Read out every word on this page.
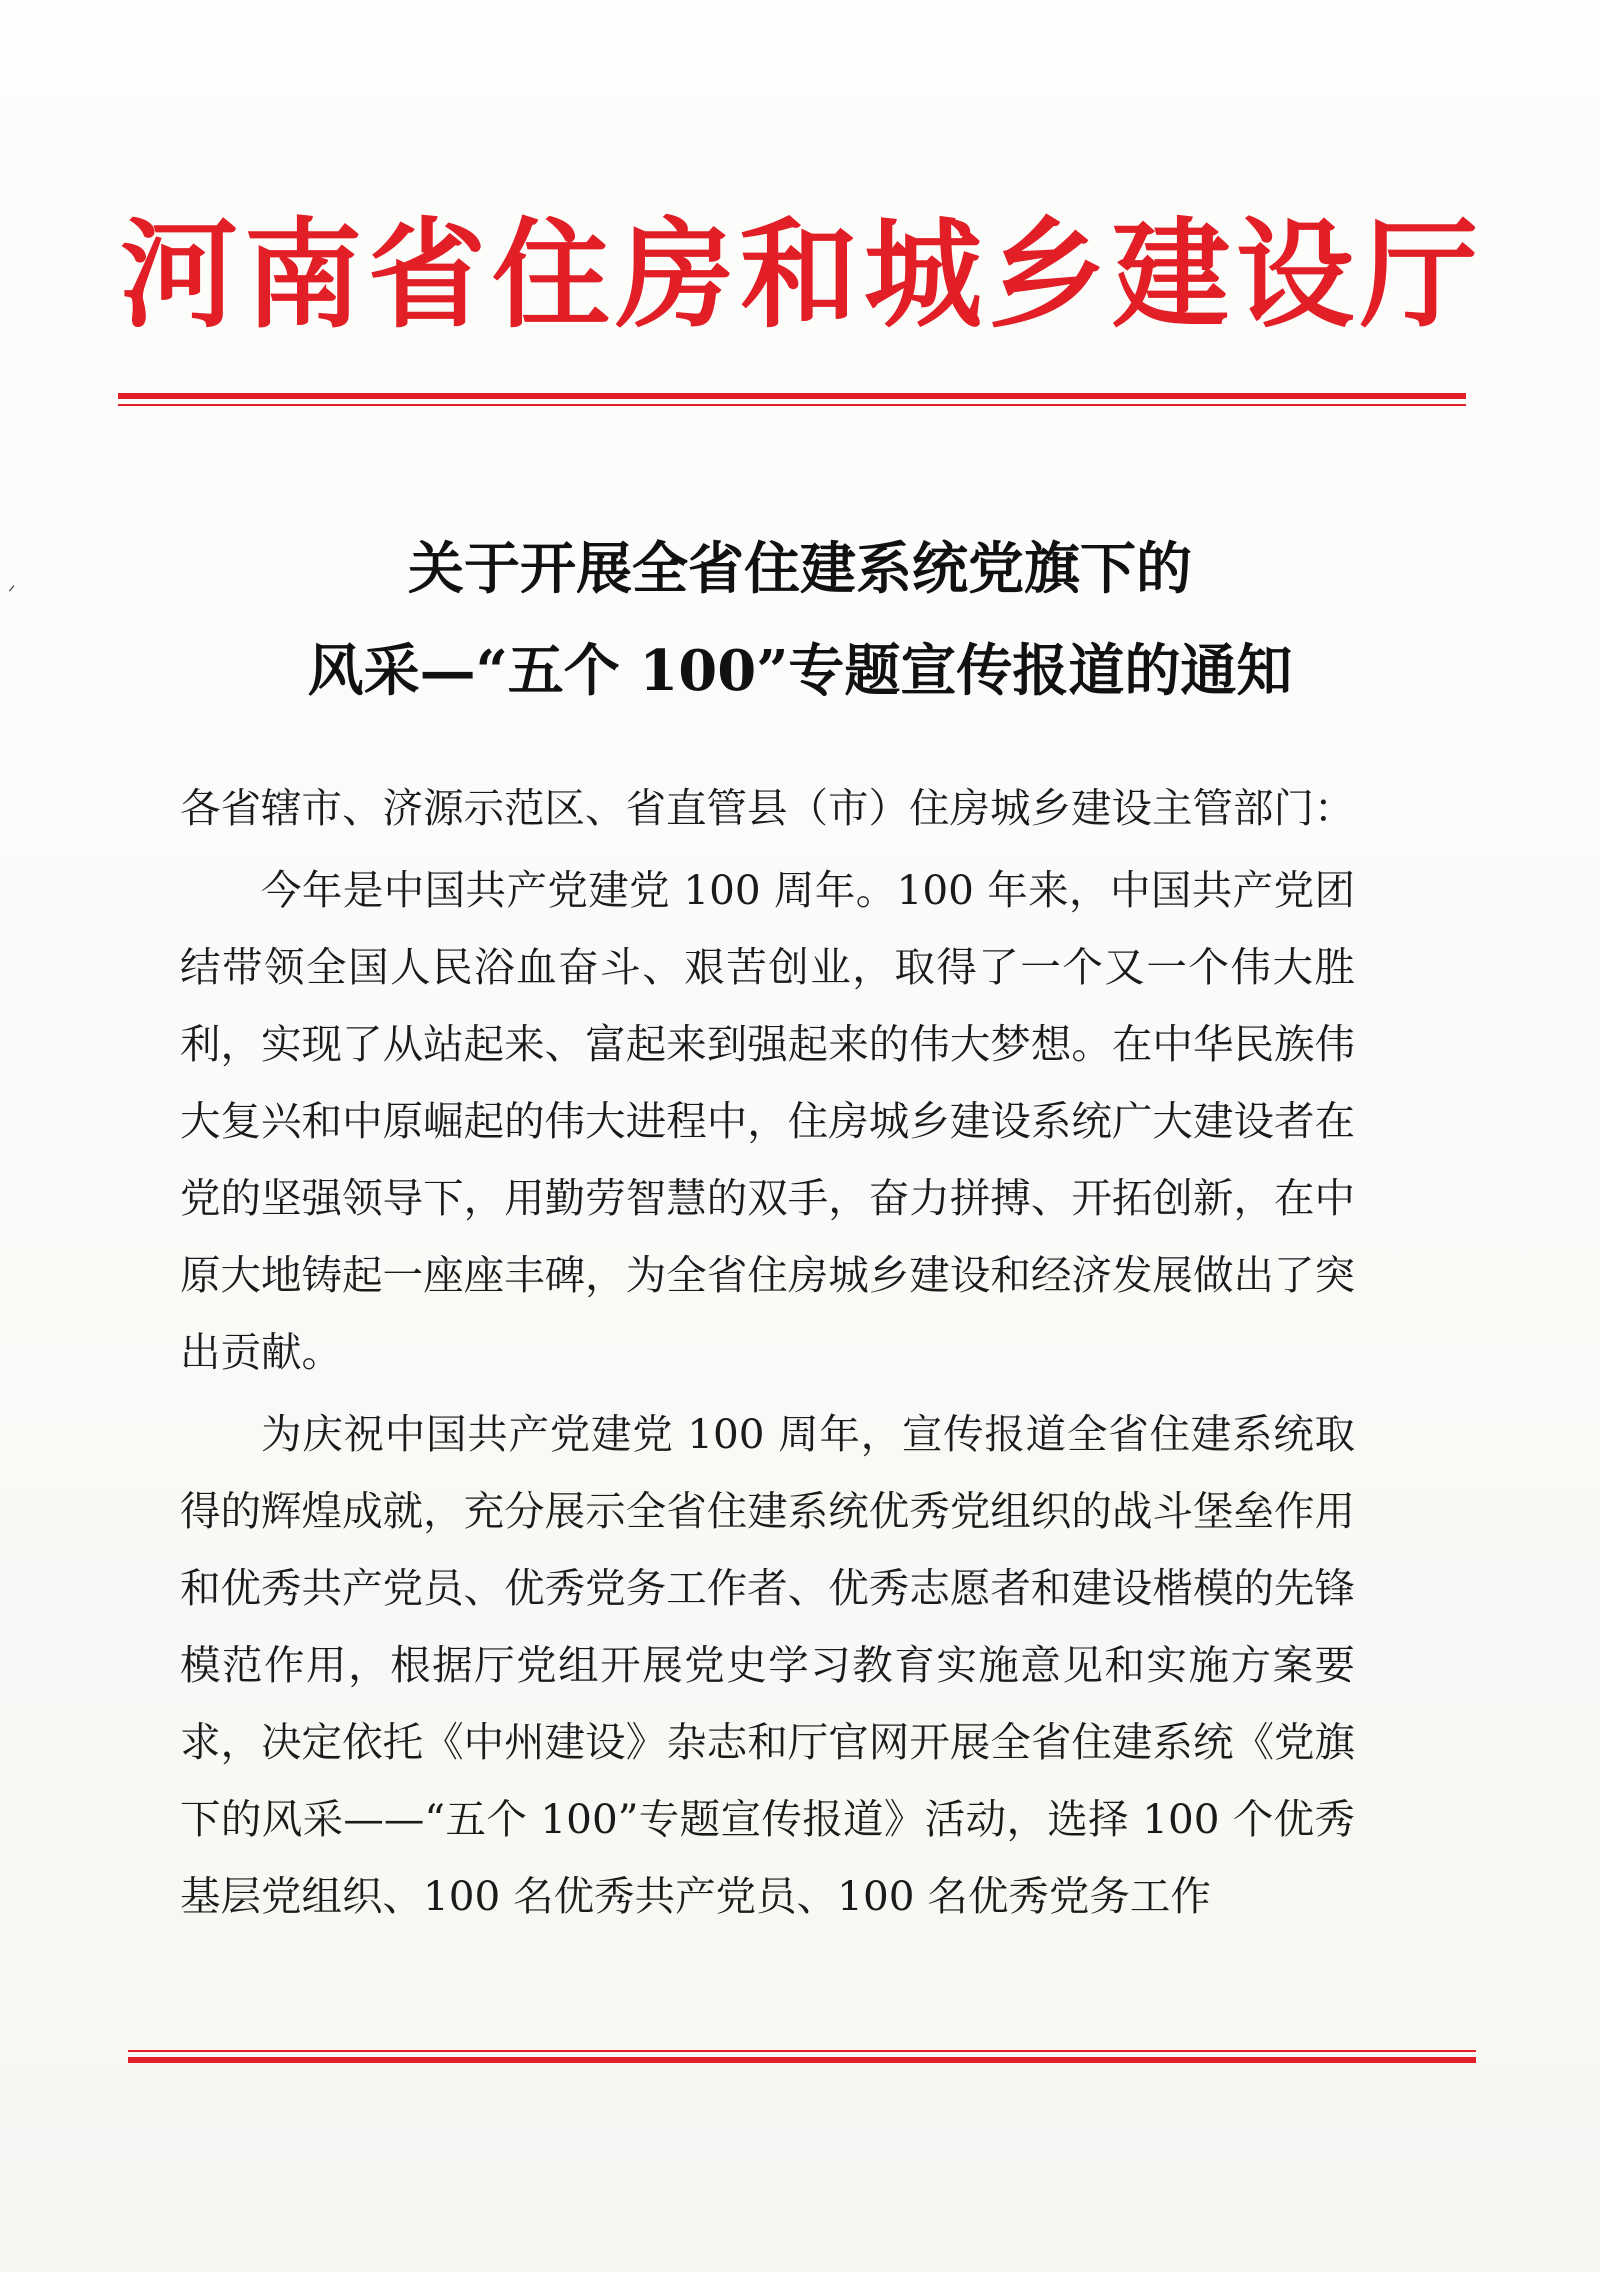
ᐟ
河南省住房和城乡建设厅
关于开展全省住建系统党旗下的
风采—“五个 100”专题宣传报道的通知

各省辖市、济源示范区、省直管县（市）住房城乡建设主管部门：

今年是中国共产党建党 100 周年。100 年来，中国共产党团结带领全国人民浴血奋斗、艰苦创业，取得了一个又一个伟大胜利，实现了从站起来、富起来到强起来的伟大梦想。在中华民族伟大复兴和中原崛起的伟大进程中，住房城乡建设系统广大建设者在党的坚强领导下，用勤劳智慧的双手，奋力拼搏、开拓创新，在中原大地铸起一座座丰碑，为全省住房城乡建设和经济发展做出了突出贡献。

为庆祝中国共产党建党 100 周年，宣传报道全省住建系统取得的辉煌成就，充分展示全省住建系统优秀党组织的战斗堡垒作用和优秀共产党员、优秀党务工作者、优秀志愿者和建设楷模的先锋模范作用，根据厅党组开展党史学习教育实施意见和实施方案要求，决定依托《中州建设》杂志和厅官网开展全省住建系统《党旗下的风采——“五个 100”专题宣传报道》活动，选择 100 个优秀基层党组织、100 名优秀共产党员、100 名优秀党务工作
